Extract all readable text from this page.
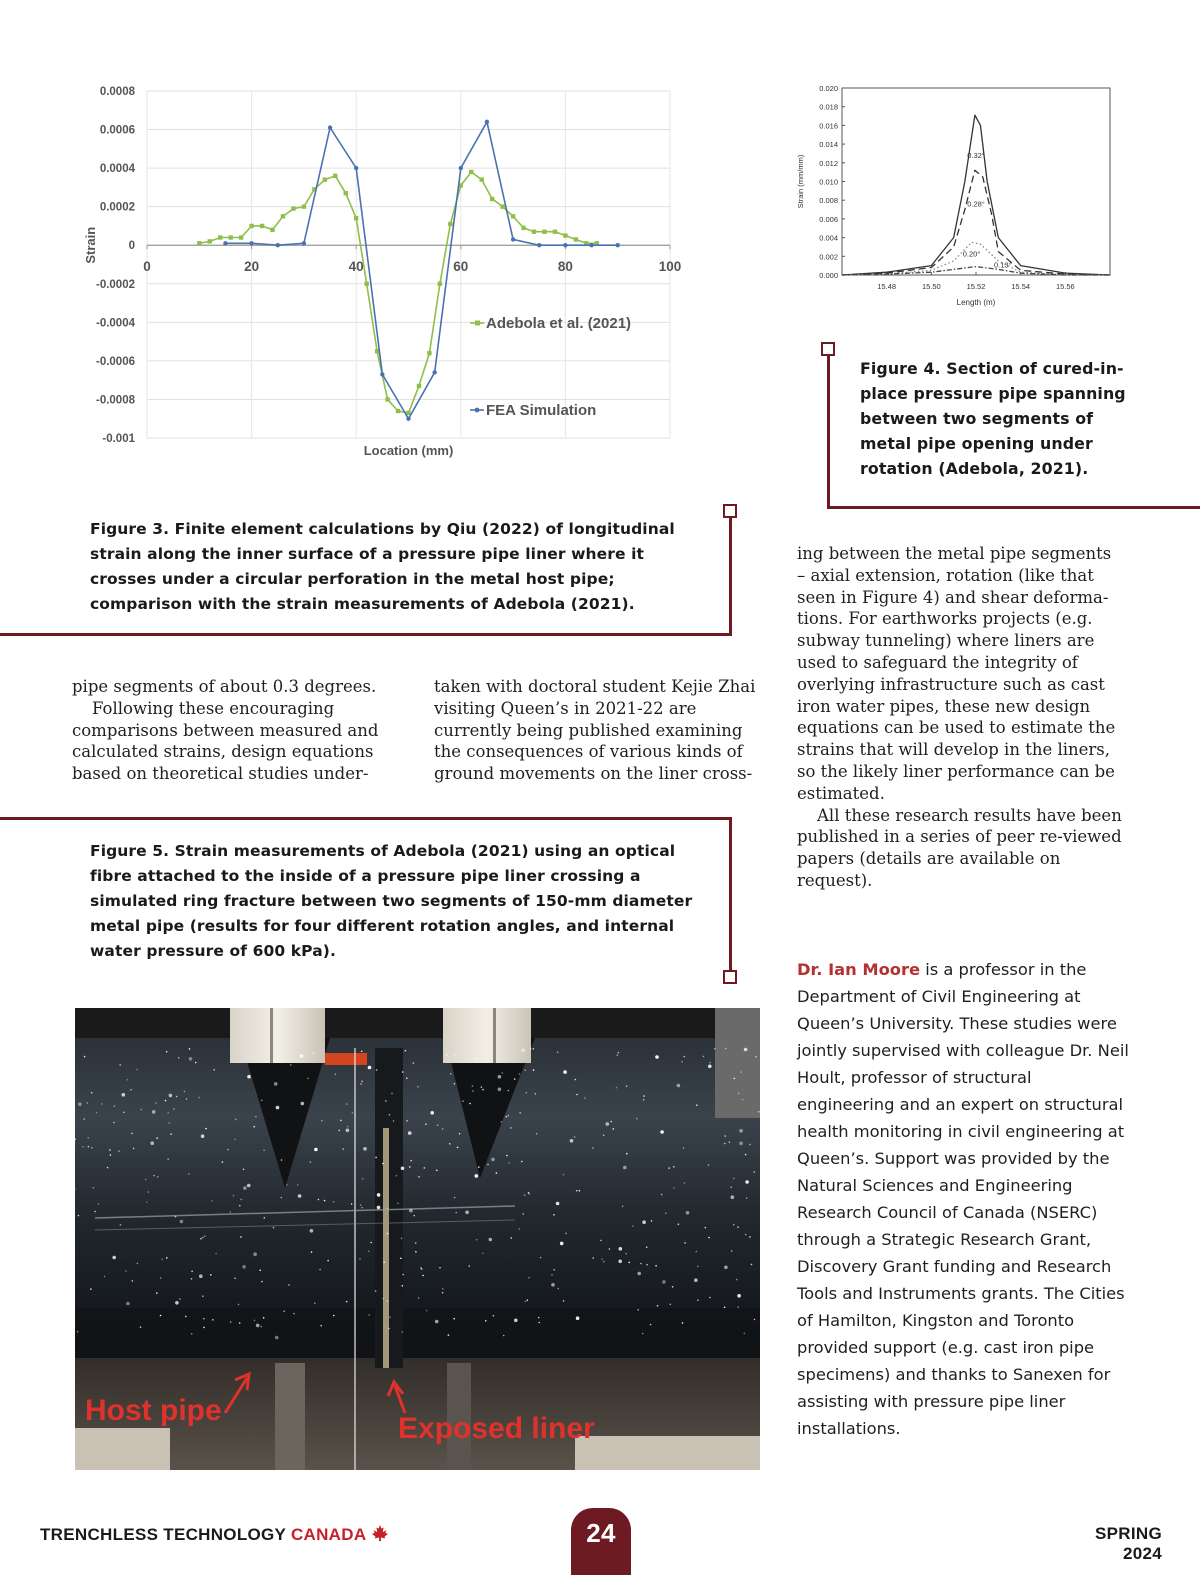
0.0008
0.0006
0.0004
0.0002
0
-0.0002
-0.0004
-0.0006
-0.0008
-0.001
0	20	40	60	80	100
Location (mm)
Strain
Adebola et al. (2021)
FEA Simulation
0.020
0.018
0.016
0.014
0.012
0.010
0.008
0.006
0.004
0.002
0.000
15.48	15.50	15.52	15.54	15.56
Length (m)
Strain (mm/mm)	0.32°
0.28°
0.20°
0.13°
Figure 4. Section of cured-in-place pressure pipe spanning between two segments of metal pipe opening under rotation (Adebola, 2021).
Figure 3. Finite element calculations by Qiu (2022) of longitudinal strain along the inner surface of a pressure pipe liner where it crosses under a circular perforation in the metal host pipe; comparison with the strain measurements of Adebola (2021).

pipe segments of about 0.3 degrees.

Following these encouraging comparisons between measured and calculated strains, design equations based on theoretical studies under-

taken with doctoral student Kejie Zhai visiting Queen’s in 2021-22 are currently being published examining the consequences of various kinds of ground movements on the liner cross-

ing between the metal pipe segments – axial extension, rotation (like that seen in Figure 4) and shear deforma-tions. For earthworks projects (e.g. subway tunneling) where liners are used to safeguard the integrity of overlying infrastructure such as cast iron water pipes, these new design equations can be used to estimate the strains that will develop in the liners, so the likely liner performance can be estimated.

All these research results have been published in a series of peer re-viewed papers (details are available on request).

Figure 5. Strain measurements of Adebola (2021) using an optical fibre attached to the inside of a pressure pipe liner crossing a simulated ring fracture between two segments of 150-mm diameter metal pipe (results for four different rotation angles, and internal water pressure of 600 kPa).
Host pipe
Exposed liner
Dr. Ian Moore is a professor in the Department of Civil Engineering at Queen’s University. These studies were jointly supervised with colleague Dr. Neil Hoult, professor of structural engineering and an expert on structural health monitoring in civil engineering at Queen’s. Support was provided by the Natural Sciences and Engineering Research Council of Canada (NSERC) through a Strategic Research Grant, Discovery Grant funding and Research Tools and Instruments grants. The Cities of Hamilton, Kingston and Toronto provided support (e.g. cast iron pipe specimens) and thanks to Sanexen for assisting with pressure pipe liner installations.
TRENCHLESS TECHNOLOGY CANADA	24	SPRING 2024
